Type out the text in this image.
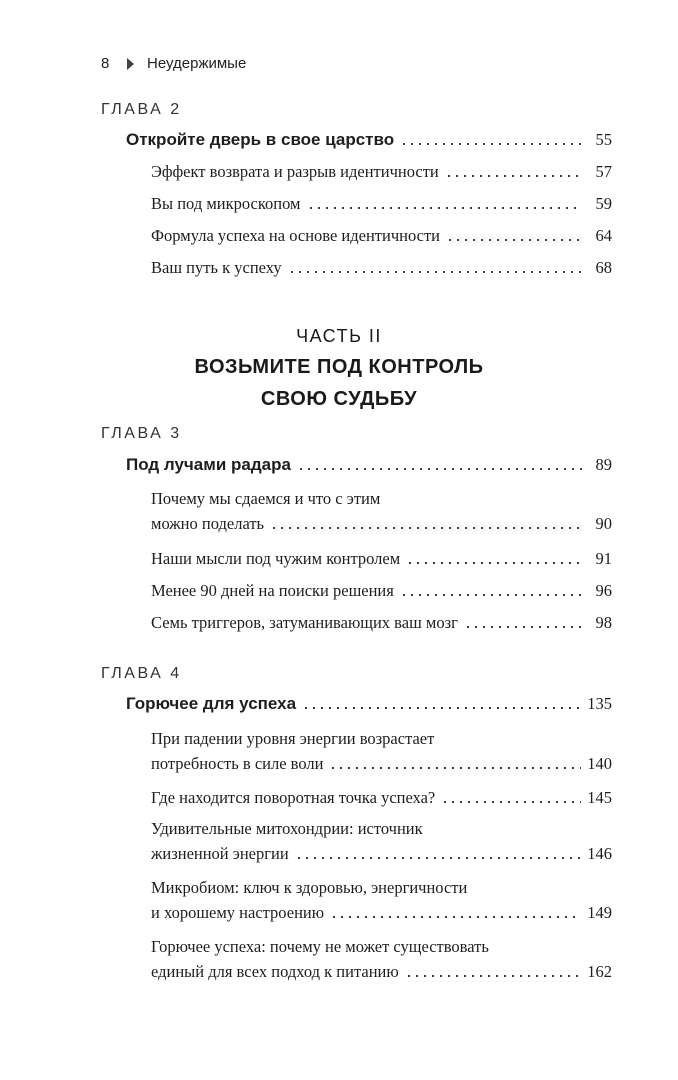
8	Неудержимые
ГЛАВА 2
Откройте дверь в свое царство	55
Эффект возврата и разрыв идентичности	57
Вы под микроскопом	59
Формула успеха на основе идентичности	64
Ваш путь к успеху	68
ЧАСТЬ II
ВОЗЬМИТЕ ПОД КОНТРОЛЬ
СВОЮ СУДЬБУ
ГЛАВА 3
Под лучами радара	89
Почему мы сдаемся и что с этим
можно поделать	90
Наши мысли под чужим контролем	91
Менее 90 дней на поиски решения	96
Семь триггеров, затуманивающих ваш мозг	98
ГЛАВА 4
Горючее для успеха	135
При падении уровня энергии возрастает
потребность в силе воли	140
Где находится поворотная точка успеха?	145
Удивительные митохондрии: источник
жизненной энергии	146
Микробиом: ключ к здоровью, энергичности
и хорошему настроению	149
Горючее успеха: почему не может существовать
единый для всех подход к питанию	162
